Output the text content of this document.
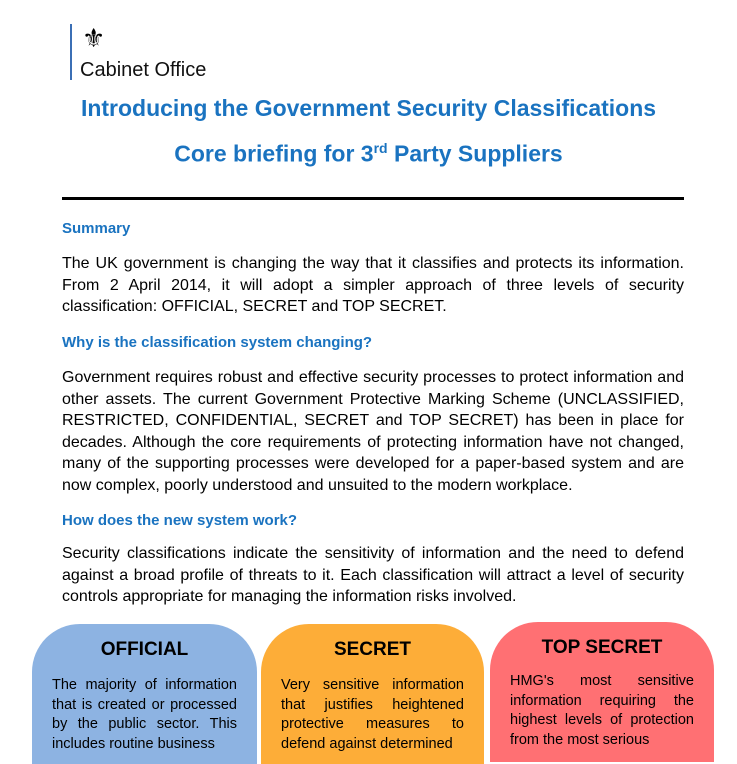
⚜
Cabinet Office
Introducing the Government Security Classifications
Core briefing for 3rd Party Suppliers
Summary
The UK government is changing the way that it classifies and protects its information. From 2 April 2014, it will adopt a simpler approach of three levels of security classification: OFFICIAL, SECRET and TOP SECRET.
Why is the classification system changing?
Government requires robust and effective security processes to protect information and other assets. The current Government Protective Marking Scheme (UNCLASSIFIED, RESTRICTED, CONFIDENTIAL, SECRET and TOP SECRET) has been in place for decades. Although the core requirements of protecting information have not changed, many of the supporting processes were developed for a paper-based system and are now complex, poorly understood and unsuited to the modern workplace.
How does the new system work?
Security classifications indicate the sensitivity of information and the need to defend against a broad profile of threats to it. Each classification will attract a level of security controls appropriate for managing the information risks involved.
OFFICIAL
The majority of information that is created or processed by the public sector. This includes routine business
SECRET
Very sensitive information that justifies heightened protective measures to defend against determined
TOP SECRET
HMG's most sensitive information requiring the highest levels of protection from the most serious
